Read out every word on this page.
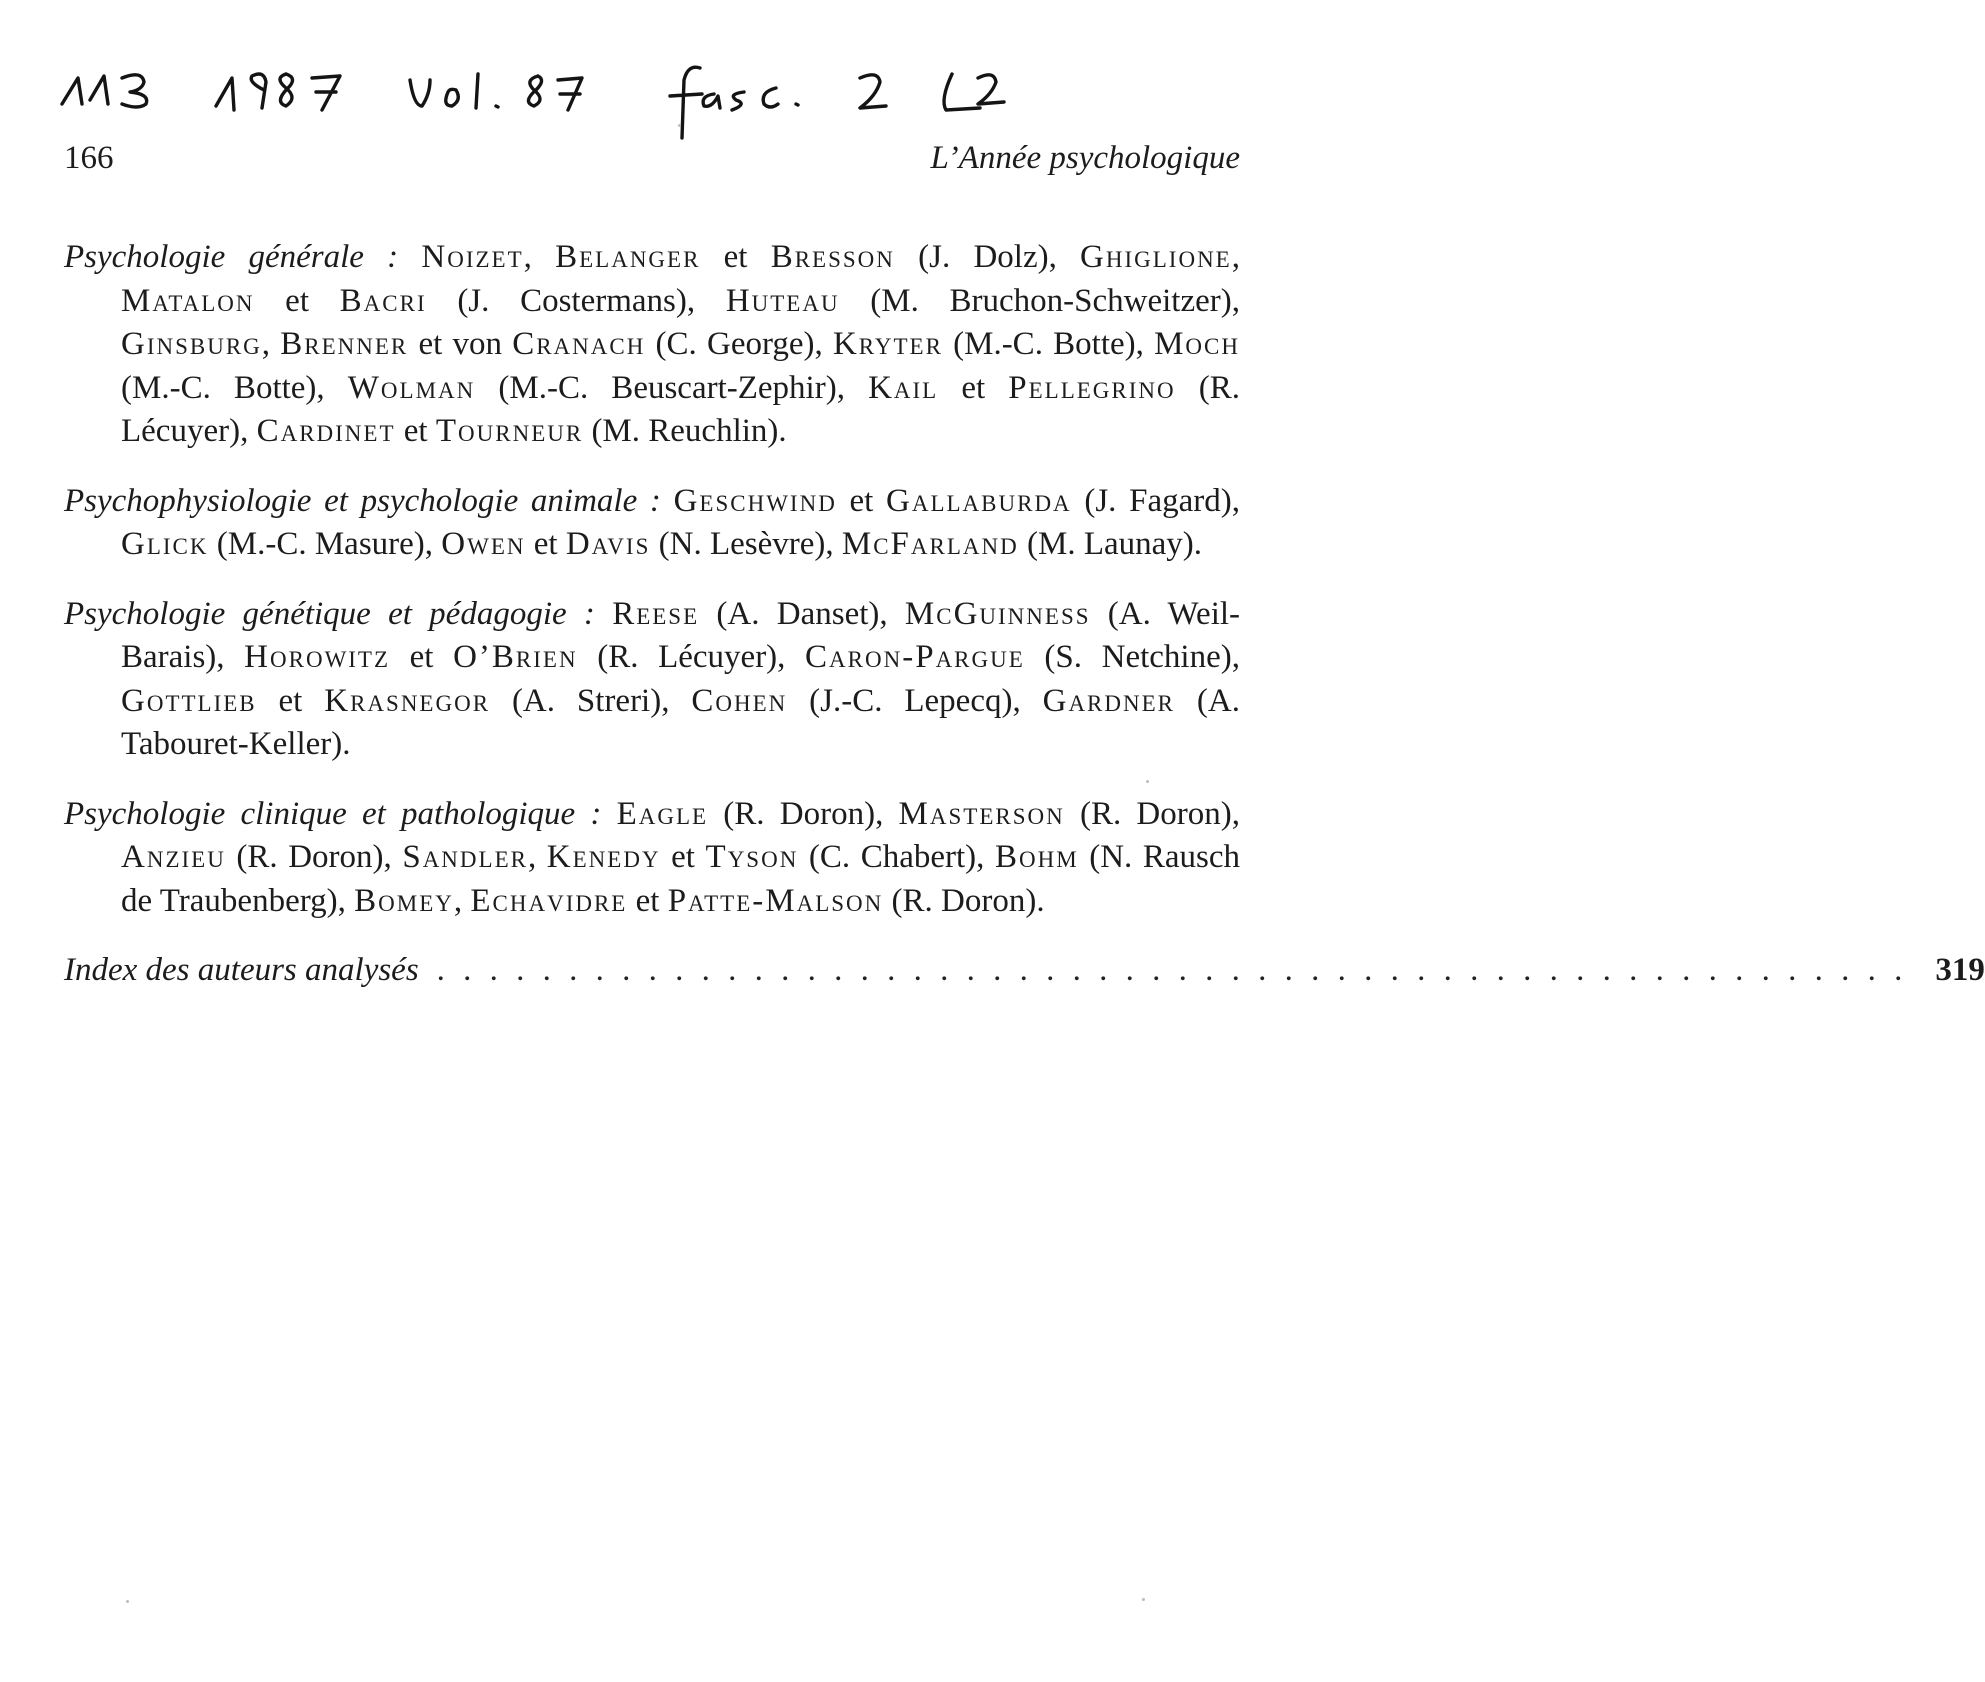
166	L’Année psychologique

Psychologie générale : Noizet, Belanger et Bresson (J. Dolz), Ghiglione, Matalon et Bacri (J. Costermans), Huteau (M. Bruchon-Schweitzer), Ginsburg, Brenner et von Cranach (C. George), Kryter (M.-C. Botte), Moch (M.-C. Botte), Wolman (M.-C. Beuscart-Zephir), Kail et Pellegrino (R. Lécuyer), Cardinet et Tourneur (M. Reuchlin).

Psychophysiologie et psychologie animale : Geschwind et Gallaburda (J. Fagard), Glick (M.-C. Masure), Owen et Davis (N. Lesèvre), McFarland (M. Launay).

Psychologie génétique et pédagogie : Reese (A. Danset), McGuinness (A. Weil-Barais), Horowitz et O’Brien (R. Lécuyer), Caron-Pargue (S. Netchine), Gottlieb et Krasnegor (A. Streri), Cohen (J.-C. Lepecq), Gardner (A. Tabouret-Keller).

Psychologie clinique et pathologique : Eagle (R. Doron), Masterson (R. Doron), Anzieu (R. Doron), Sandler, Kenedy et Tyson (C. Chabert), Bohm (N. Rausch de Traubenberg), Bomey, Echavidre et Patte-Malson (R. Doron).

Index des auteurs analysés . . . . . . . . . . . . . . . . . . . . . . . . . . . . . . . . . . . . . . . . . . . . . . . . . . . . . . . . 319
